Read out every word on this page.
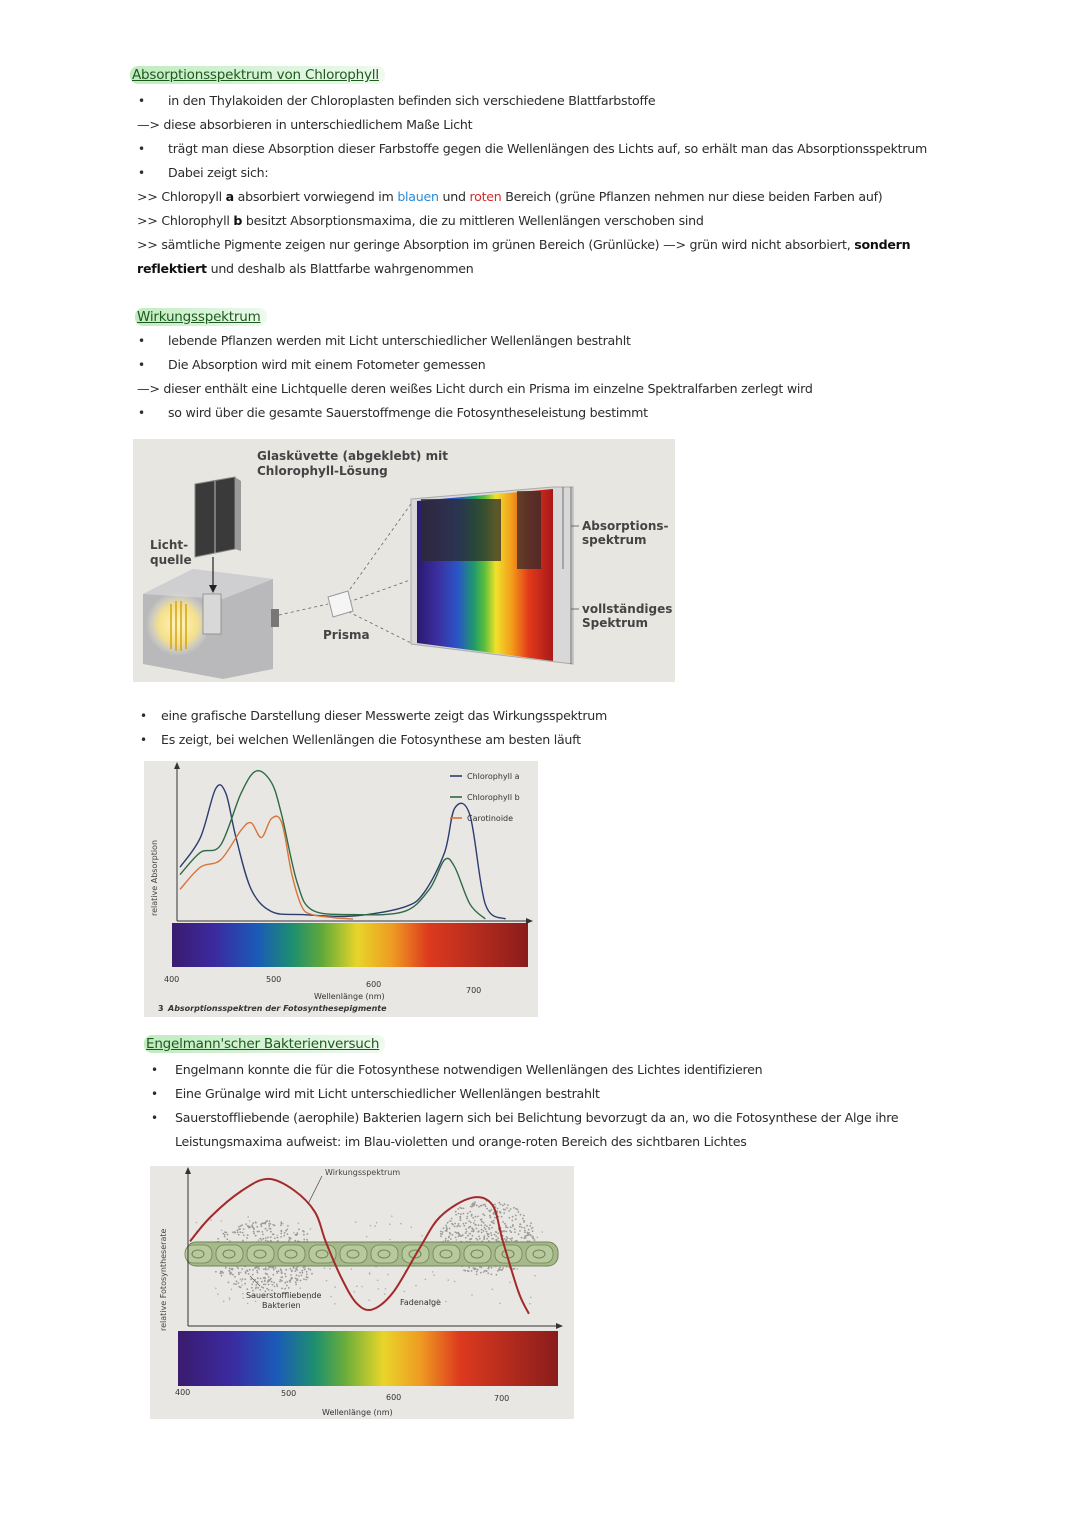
Absorptionsspektrum von Chlorophyll
• in den Thylakoiden der Chloroplasten befinden sich verschiedene Blattfarbstoffe
—> diese absorbieren in unterschiedlichem Maße Licht
• trägt man diese Absorption dieser Farbstoffe gegen die Wellenlängen des Lichts auf, so erhält man das Absorptionsspektrum
• Dabei zeigt sich:
>> Chloropyll a absorbiert vorwiegend im blauen und roten Bereich (grüne Pflanzen nehmen nur diese beiden Farben auf)
>> Chlorophyll b besitzt Absorptionsmaxima, die zu mittleren Wellenlängen verschoben sind
>> sämtliche Pigmente zeigen nur geringe Absorption im grünen Bereich (Grünlücke) —> grün wird nicht absorbiert, sondern
reflektiert und deshalb als Blattfarbe wahrgenommen
Wirkungsspektrum
• lebende Pflanzen werden mit Licht unterschiedlicher Wellenlängen bestrahlt
• Die Absorption wird mit einem Fotometer gemessen
—> dieser enthält eine Lichtquelle deren weißes Licht durch ein Prisma im einzelne Spektralfarben zerlegt wird
• so wird über die gesamte Sauerstoffmenge die Fotosyntheseleistung bestimmt
Glasküvette (abgeklebt) mit
Chlorophyll-Lösung
Licht-
quelle
Prisma
Absorptions-
spektrum
vollständiges
Spektrum
• eine grafische Darstellung dieser Messwerte zeigt das Wirkungsspektrum
• Es zeigt, bei welchen Wellenlängen die Fotosynthese am besten läuft
relative Absorption
Chlorophyll a
Chlorophyll b
Carotinoide
400	500
600
700
Wellenlänge (nm)
3 Absorptionsspektren der Fotosynthesepigmente
Engelmann'scher Bakterienversuch
• Engelmann konnte die für die Fotosynthese notwendigen Wellenlängen des Lichtes identifizieren
• Eine Grünalge wird mit Licht unterschiedlicher Wellenlängen bestrahlt
• Sauerstoffliebende (aerophile) Bakterien lagern sich bei Belichtung bevorzugt da an, wo die Fotosynthese der Alge ihre
Leistungsmaxima aufweist: im Blau-violetten und orange-roten Bereich des sichtbaren Lichtes
relative Fotosyntheserate
Wirkungsspektrum
Sauerstoffliebende
Bakterien	Fadenalge
400	500	600	700
Wellenlänge (nm)
